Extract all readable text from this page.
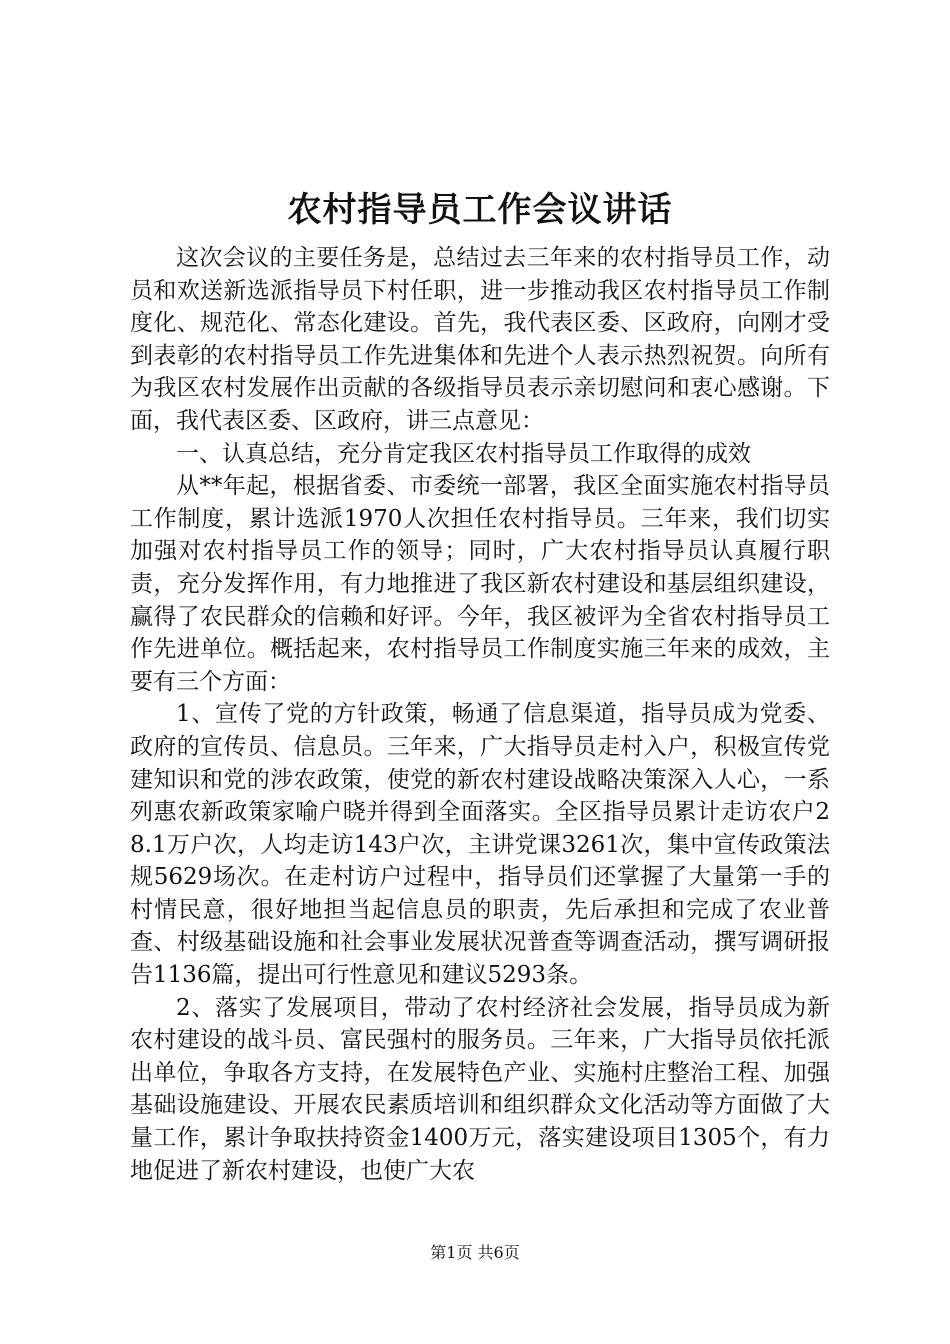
农村指导员工作会议讲话

这次会议的主要任务是，总结过去三年来的农村指导员工作，动员和欢送新选派指导员下村任职，进一步推动我区农村指导员工作制度化、规范化、常态化建设。首先，我代表区委、区政府，向刚才受到表彰的农村指导员工作先进集体和先进个人表示热烈祝贺。向所有为我区农村发展作出贡献的各级指导员表示亲切慰问和衷心感谢。下面，我代表区委、区政府，讲三点意见：

一、认真总结，充分肯定我区农村指导员工作取得的成效

从**年起，根据省委、市委统一部署，我区全面实施农村指导员工作制度，累计选派1970人次担任农村指导员。三年来，我们切实加强对农村指导员工作的领导；同时，广大农村指导员认真履行职责，充分发挥作用，有力地推进了我区新农村建设和基层组织建设，赢得了农民群众的信赖和好评。今年，我区被评为全省农村指导员工作先进单位。概括起来，农村指导员工作制度实施三年来的成效，主要有三个方面：

1、宣传了党的方针政策，畅通了信息渠道，指导员成为党委、政府的宣传员、信息员。三年来，广大指导员走村入户，积极宣传党建知识和党的涉农政策，使党的新农村建设战略决策深入人心，一系列惠农新政策家喻户晓并得到全面落实。全区指导员累计走访农户28.1万户次，人均走访143户次，主讲党课3261次，集中宣传政策法规5629场次。在走村访户过程中，指导员们还掌握了大量第一手的村情民意，很好地担当起信息员的职责，先后承担和完成了农业普查、村级基础设施和社会事业发展状况普查等调查活动，撰写调研报告1136篇，提出可行性意见和建议5293条。

2、落实了发展项目，带动了农村经济社会发展，指导员成为新农村建设的战斗员、富民强村的服务员。三年来，广大指导员依托派出单位，争取各方支持，在发展特色产业、实施村庄整治工程、加强基础设施建设、开展农民素质培训和组织群众文化活动等方面做了大量工作，累计争取扶持资金1400万元，落实建设项目1305个，有力地促进了新农村建设，也使广大农

第1页 共6页
